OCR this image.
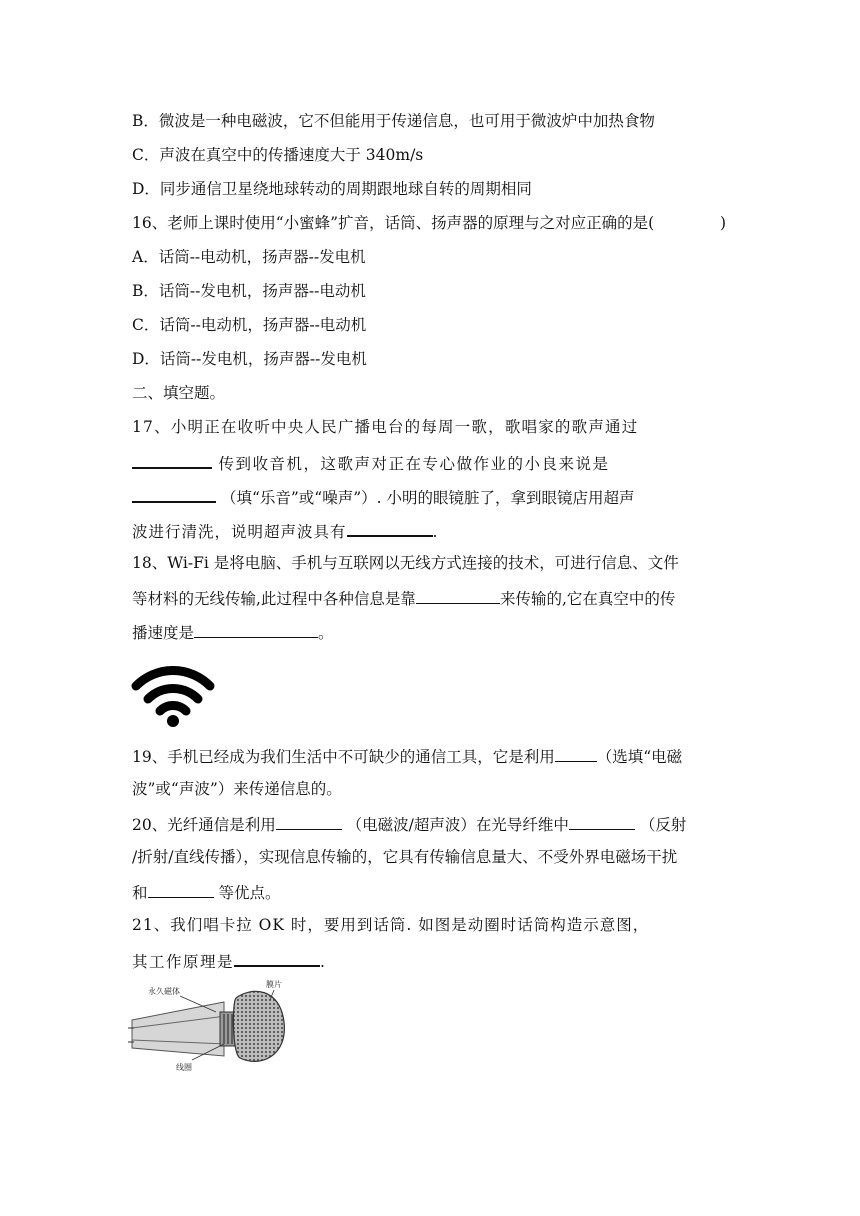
B．微波是一种电磁波，它不但能用于传递信息，也可用于微波炉中加热食物
C．声波在真空中的传播速度大于 340m/s
D．同步通信卫星绕地球转动的周期跟地球自转的周期相同
16、老师上课时使用“小蜜蜂”扩音，话筒、扬声器的原理与之对应正确的是(	)
A．话筒--电动机，扬声器--发电机
B．话筒--发电机，扬声器--电动机
C．话筒--电动机，扬声器--电动机
D．话筒--发电机，扬声器--发电机
二、填空题。
17、小明正在收听中央人民广播电台的每周一歌，歌唱家的歌声通过
传到收音机，这歌声对正在专心做作业的小良来说是
（填“乐音”或“噪声”）. 小明的眼镜脏了，拿到眼镜店用超声
波进行清洗，说明超声波具有	.
18、Wi-Fi 是将电脑、手机与互联网以无线方式连接的技术，可进行信息、文件
等材料的无线传输,此过程中各种信息是靠	来传输的,它在真空中的传
播速度是	。
19、手机已经成为我们生活中不可缺少的通信工具，它是利用	（选填“电磁
波”或“声波”）来传递信息的。
20、光纤通信是利用	（电磁波/超声波）在光导纤维中	（反射
/折射/直线传播），实现信息传输的，它具有传输信息量大、不受外界电磁场干扰
和	等优点。
21、我们唱卡拉 OK 时，要用到话筒. 如图是动圈时话筒构造示意图，
其工作原理是	.
永久磁体
膜片
线圈
